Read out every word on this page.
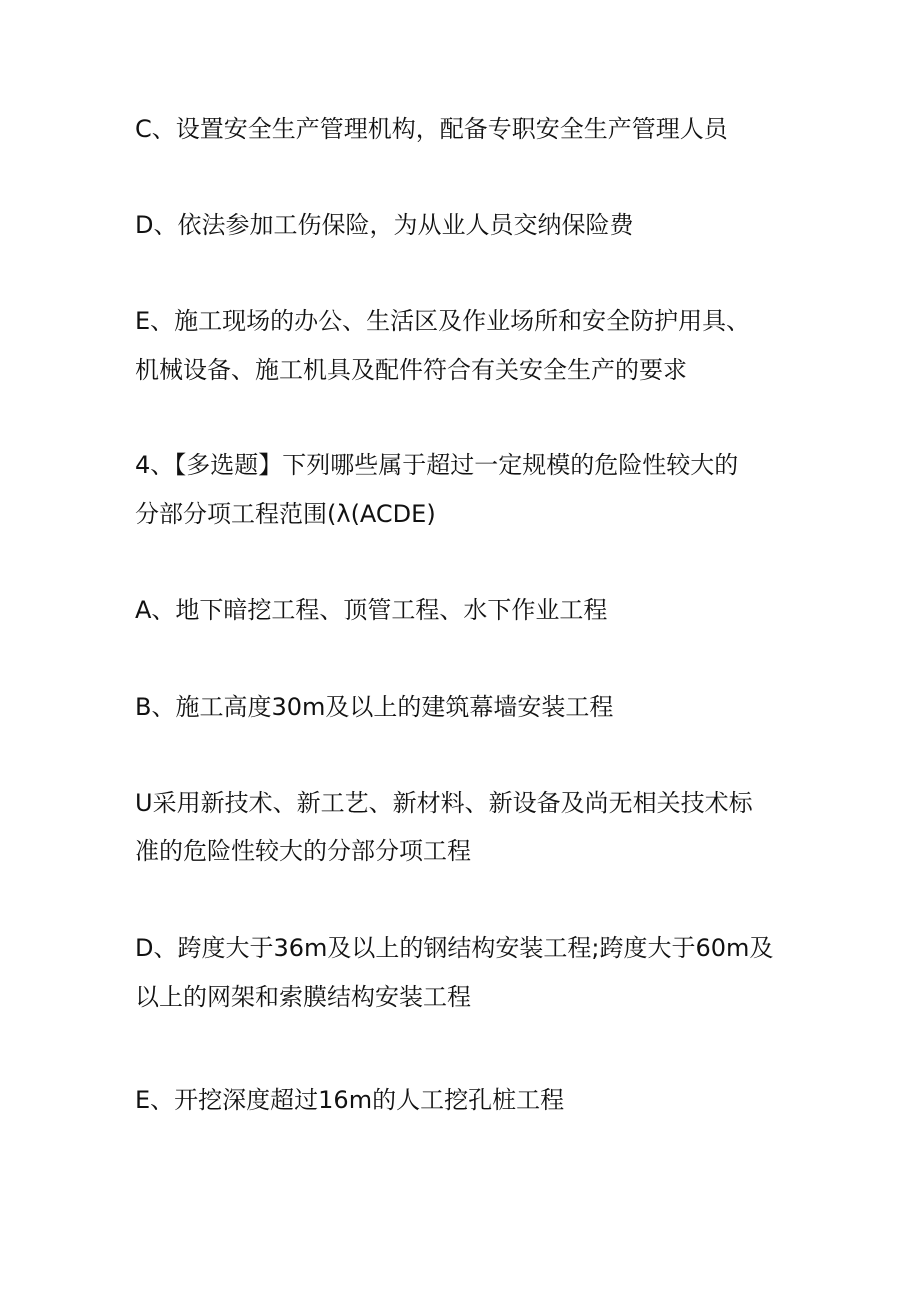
C、设置安全生产管理机构，配备专职安全生产管理人员

D、依法参加工伤保险，为从业人员交纳保险费

E、施工现场的办公、生活区及作业场所和安全防护用具、

机械设备、施工机具及配件符合有关安全生产的要求

4、【多选题】下列哪些属于超过一定规模的危险性较大的

分部分项工程范围(λ(ACDE)

A、地下暗挖工程、顶管工程、水下作业工程

B、施工高度30m及以上的建筑幕墙安装工程

U采用新技术、新工艺、新材料、新设备及尚无相关技术标

准的危险性较大的分部分项工程

D、跨度大于36m及以上的钢结构安装工程;跨度大于60m及

以上的网架和索膜结构安装工程

E、开挖深度超过16m的人工挖孔桩工程
